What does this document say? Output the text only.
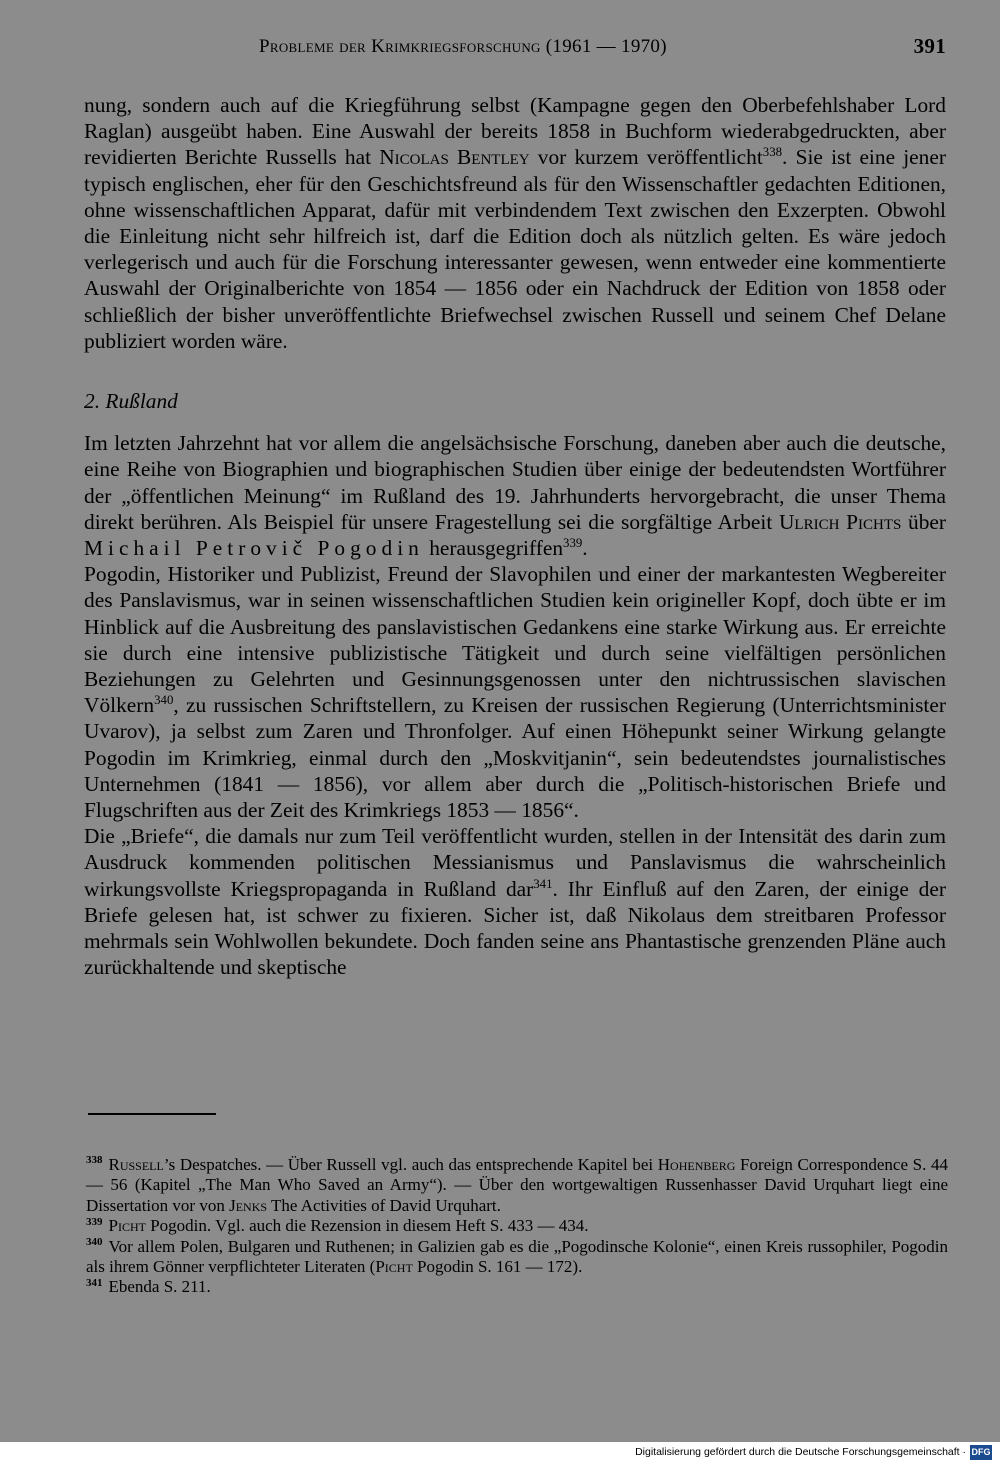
Probleme der Krimkriegsforschung (1961 — 1970)	391

nung, sondern auch auf die Kriegführung selbst (Kampagne gegen den Oberbefehlshaber Lord Raglan) ausgeübt haben. Eine Auswahl der bereits 1858 in Buchform wiederabgedruckten, aber revidierten Berichte Russells hat Nicolas Bentley vor kurzem veröffentlicht$^{338}$. Sie ist eine jener typisch englischen, eher für den Geschichtsfreund als für den Wissenschaftler gedachten Editionen, ohne wissenschaftlichen Apparat, dafür mit verbindendem Text zwischen den Exzerpten. Obwohl die Einleitung nicht sehr hilfreich ist, darf die Edition doch als nützlich gelten. Es wäre jedoch verlegerisch und auch für die Forschung interessanter gewesen, wenn entweder eine kommentierte Auswahl der Originalberichte von 1854 — 1856 oder ein Nachdruck der Edition von 1858 oder schließlich der bisher unveröffentlichte Briefwechsel zwischen Russell und seinem Chef Delane publiziert worden wäre.

2. Rußland

Im letzten Jahrzehnt hat vor allem die angelsächsische Forschung, daneben aber auch die deutsche, eine Reihe von Biographien und biographischen Studien über einige der bedeutendsten Wortführer der „öffentlichen Meinung“ im Rußland des 19. Jahrhunderts hervorgebracht, die unser Thema direkt berühren. Als Beispiel für unsere Fragestellung sei die sorgfältige Arbeit Ulrich Pichts über Michail Petrovič Pogodin herausgegriffen$^{339}$.

Pogodin, Historiker und Publizist, Freund der Slavophilen und einer der markantesten Wegbereiter des Panslavismus, war in seinen wissenschaftlichen Studien kein origineller Kopf, doch übte er im Hinblick auf die Ausbreitung des panslavistischen Gedankens eine starke Wirkung aus. Er erreichte sie durch eine intensive publizistische Tätigkeit und durch seine vielfältigen persönlichen Beziehungen zu Gelehrten und Gesinnungsgenossen unter den nichtrussischen slavischen Völkern$^{340}$, zu russischen Schriftstellern, zu Kreisen der russischen Regierung (Unterrichtsminister Uvarov), ja selbst zum Zaren und Thronfolger. Auf einen Höhepunkt seiner Wirkung gelangte Pogodin im Krimkrieg, einmal durch den „Moskvitjanin“, sein bedeutendstes journalistisches Unternehmen (1841 — 1856), vor allem aber durch die „Politisch-historischen Briefe und Flugschriften aus der Zeit des Krimkriegs 1853 — 1856“.

Die „Briefe“, die damals nur zum Teil veröffentlicht wurden, stellen in der Intensität des darin zum Ausdruck kommenden politischen Messianismus und Panslavismus die wahrscheinlich wirkungsvollste Kriegspropaganda in Rußland dar$^{341}$. Ihr Einfluß auf den Zaren, der einige der Briefe gelesen hat, ist schwer zu fixieren. Sicher ist, daß Nikolaus dem streitbaren Professor mehrmals sein Wohlwollen bekundete. Doch fanden seine ans Phantastische grenzenden Pläne auch zurückhaltende und skeptische

$^{338}$ Russell’s Despatches. — Über Russell vgl. auch das entsprechende Kapitel bei Hohenberg Foreign Correspondence S. 44 — 56 (Kapitel „The Man Who Saved an Army“). — Über den wortgewaltigen Russenhasser David Urquhart liegt eine Dissertation vor von Jenks The Activities of David Urquhart.

$^{339}$ Picht Pogodin. Vgl. auch die Rezension in diesem Heft S. 433 — 434.

$^{340}$ Vor allem Polen, Bulgaren und Ruthenen; in Galizien gab es die „Pogodinsche Kolonie“, einen Kreis russophiler, Pogodin als ihrem Gönner verpflichteter Literaten (Picht Pogodin S. 161 — 172).

$^{341}$ Ebenda S. 211.

Digitalisierung gefördert durch die Deutsche Forschungsgemeinschaft · DFG
